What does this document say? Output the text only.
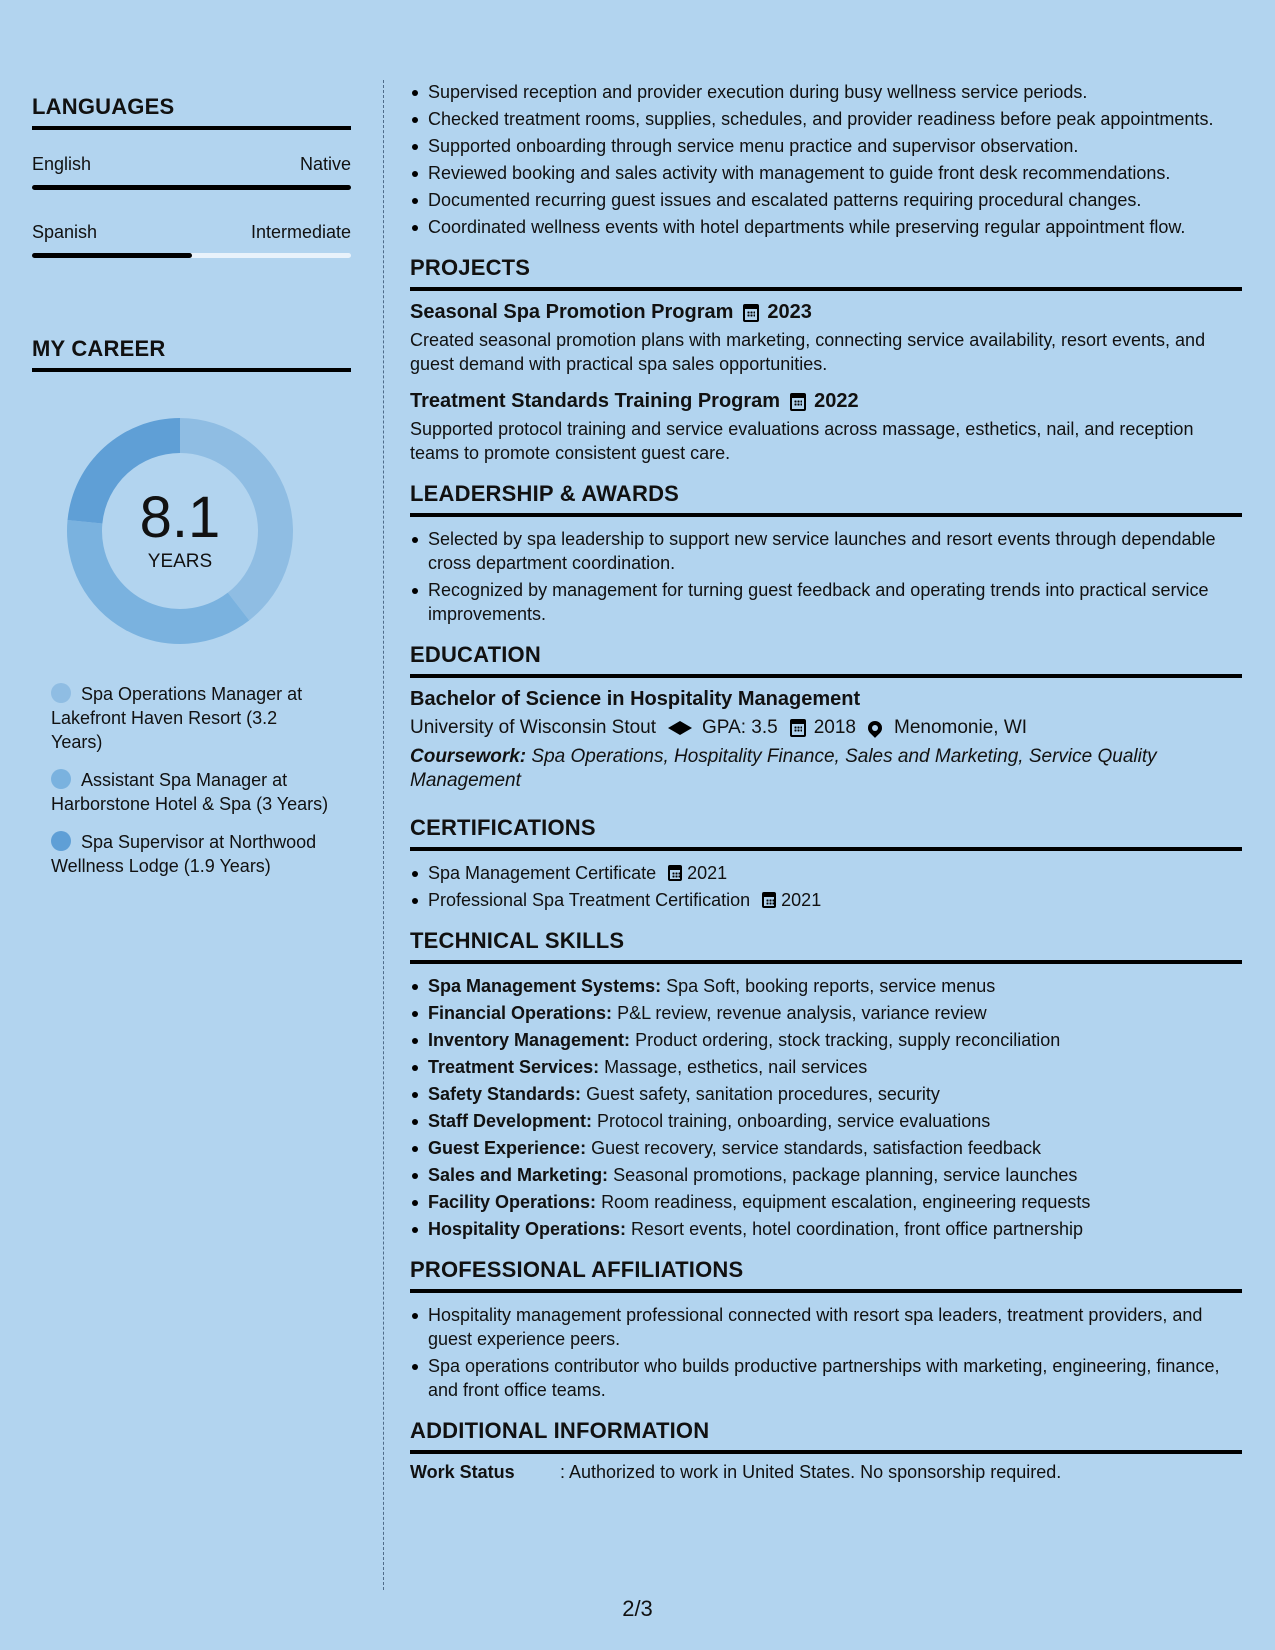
LANGUAGES
English	Native
Spanish	Intermediate
MY CAREER
8.1
YEARS
Spa Operations Manager at Lakefront Haven Resort (3.2 Years)
Assistant Spa Manager at Harborstone Hotel & Spa (3 Years)
Spa Supervisor at Northwood Wellness Lodge (1.9 Years)
Supervised reception and provider execution during busy wellness service periods.
Checked treatment rooms, supplies, schedules, and provider readiness before peak appointments.
Supported onboarding through service menu practice and supervisor observation.
Reviewed booking and sales activity with management to guide front desk recommendations.
Documented recurring guest issues and escalated patterns requiring procedural changes.
Coordinated wellness events with hotel departments while preserving regular appointment flow.
PROJECTS
Seasonal Spa Promotion Program 2023
Created seasonal promotion plans with marketing, connecting service availability, resort events, and guest demand with practical spa sales opportunities.
Treatment Standards Training Program 2022
Supported protocol training and service evaluations across massage, esthetics, nail, and reception teams to promote consistent guest care.
LEADERSHIP & AWARDS
Selected by spa leadership to support new service launches and resort events through dependable cross department coordination.
Recognized by management for turning guest feedback and operating trends into practical service improvements.
EDUCATION
Bachelor of Science in Hospitality Management
University of Wisconsin Stout GPA: 3.5 2018 Menomonie, WI
Coursework: Spa Operations, Hospitality Finance, Sales and Marketing, Service Quality Management
CERTIFICATIONS
Spa Management Certificate 2021
Professional Spa Treatment Certification 2021
TECHNICAL SKILLS
Spa Management Systems: Spa Soft, booking reports, service menus
Financial Operations: P&L review, revenue analysis, variance review
Inventory Management: Product ordering, stock tracking, supply reconciliation
Treatment Services: Massage, esthetics, nail services
Safety Standards: Guest safety, sanitation procedures, security
Staff Development: Protocol training, onboarding, service evaluations
Guest Experience: Guest recovery, service standards, satisfaction feedback
Sales and Marketing: Seasonal promotions, package planning, service launches
Facility Operations: Room readiness, equipment escalation, engineering requests
Hospitality Operations: Resort events, hotel coordination, front office partnership
PROFESSIONAL AFFILIATIONS
Hospitality management professional connected with resort spa leaders, treatment providers, and guest experience peers.
Spa operations contributor who builds productive partnerships with marketing, engineering, finance, and front office teams.
ADDITIONAL INFORMATION
Work Status	: Authorized to work in United States. No sponsorship required.
2/3
